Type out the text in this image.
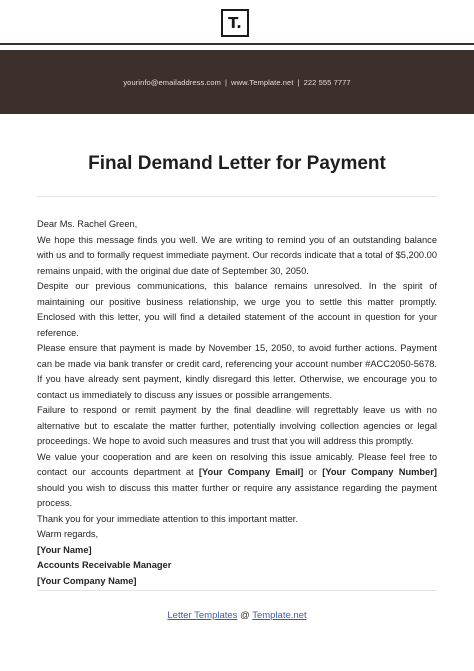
T.
yourinfo@emailaddress.com | www.Template.net | 222 555 7777
Final Demand Letter for Payment

Dear Ms. Rachel Green,

We hope this message finds you well. We are writing to remind you of an outstanding balance with us and to formally request immediate payment. Our records indicate that a total of $5,200.00 remains unpaid, with the original due date of September 30, 2050.

Despite our previous communications, this balance remains unresolved. In the spirit of maintaining our positive business relationship, we urge you to settle this matter promptly. Enclosed with this letter, you will find a detailed statement of the account in question for your reference.

Please ensure that payment is made by November 15, 2050, to avoid further actions. Payment can be made via bank transfer or credit card, referencing your account number #ACC2050-5678. If you have already sent payment, kindly disregard this letter. Otherwise, we encourage you to contact us immediately to discuss any issues or possible arrangements.

Failure to respond or remit payment by the final deadline will regrettably leave us with no alternative but to escalate the matter further, potentially involving collection agencies or legal proceedings. We hope to avoid such measures and trust that you will address this promptly.

We value your cooperation and are keen on resolving this issue amicably. Please feel free to contact our accounts department at [Your Company Email] or [Your Company Number] should you wish to discuss this matter further or require any assistance regarding the payment process.

Thank you for your immediate attention to this important matter.

Warm regards,

[Your Name]

Accounts Receivable Manager

[Your Company Name]

Letter Templates @ Template.net
